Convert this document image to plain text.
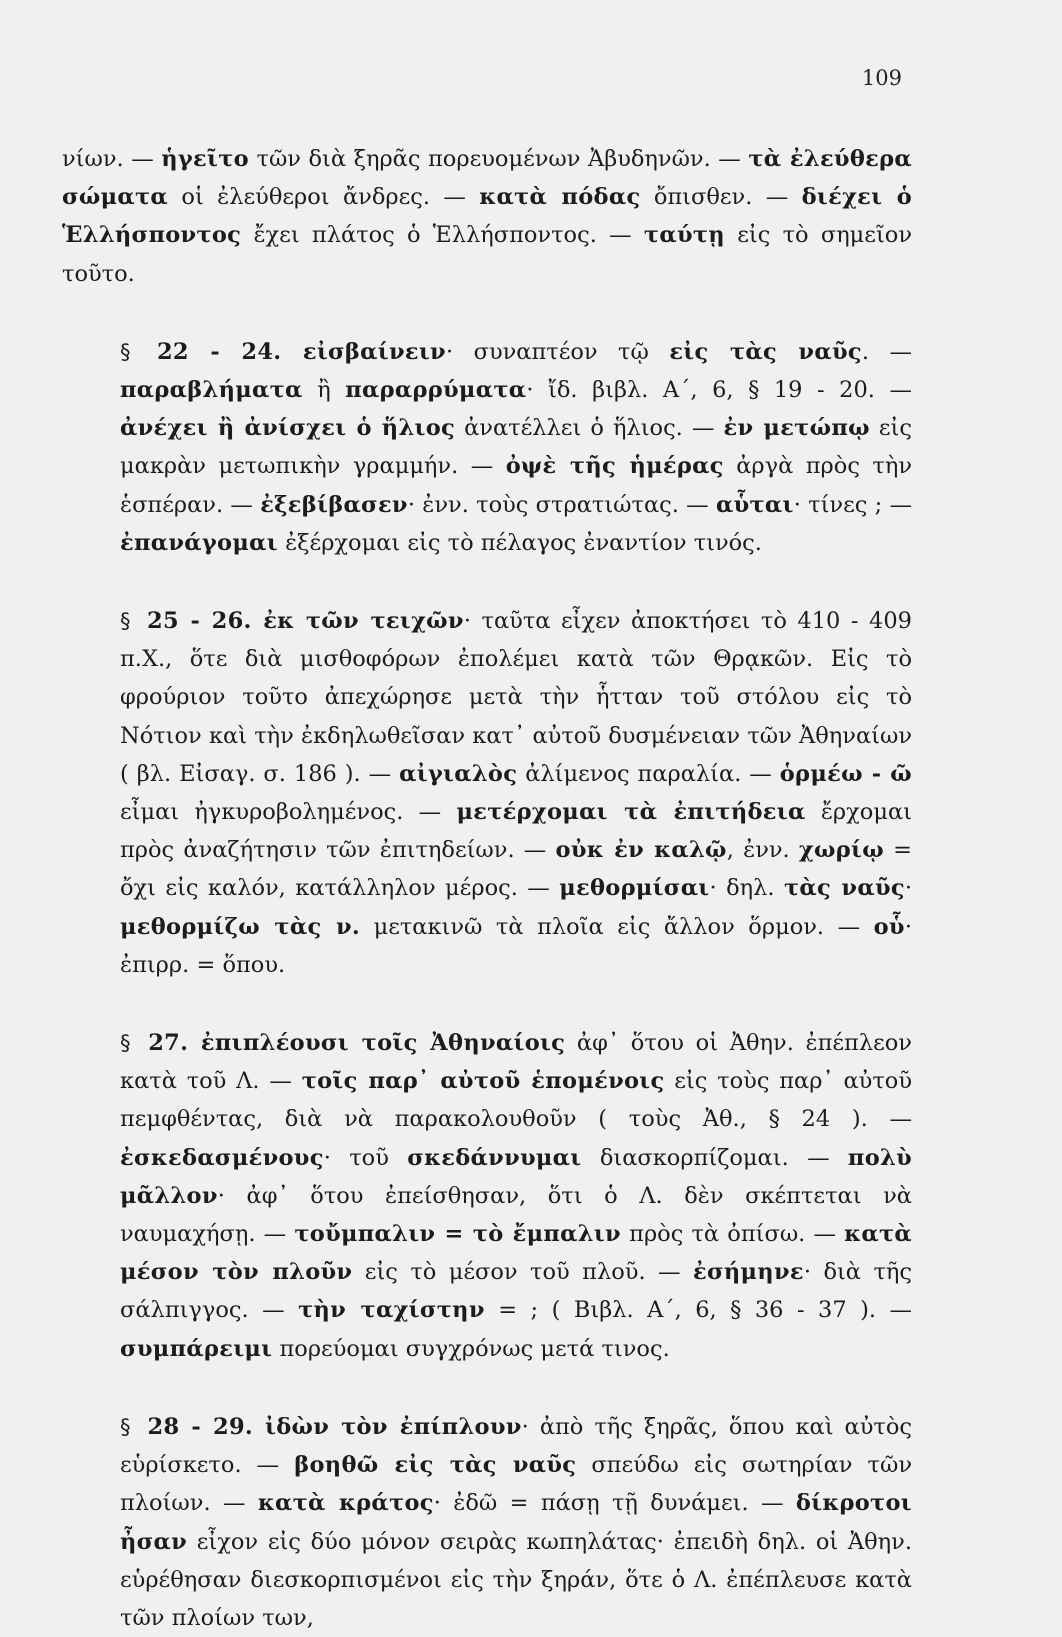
109

νίων. — ἡγεῖτο τῶν διὰ ξηρᾶς πορευομένων Ἀβυδηνῶν. — τὰ ἐλεύθερα σώματα οἱ ἐλεύθεροι ἄνδρες. — κατὰ πόδας ὄπισθεν. — διέχει ὁ Ἑλλήσποντος ἔχει πλάτος ὁ Ἑλλήσποντος. — ταύτῃ εἰς τὸ σημεῖον τοῦτο.

§ 22 - 24. εἰσβαίνειν· συναπτέον τῷ εἰς τὰς ναῦς. — παραβλήματα ἢ παραρρύματα· ἴδ. βιβλ. Α΄, 6, § 19 - 20. — ἀνέχει ἢ ἀνίσχει ὁ ἥλιος ἀνατέλλει ὁ ἥλιος. — ἐν μετώπῳ εἰς μακρὰν μετωπικὴν γραμμήν. — ὀψὲ τῆς ἡμέρας ἀργὰ πρὸς τὴν ἑσπέραν. — ἐξεβίβασεν· ἐνν. τοὺς στρατιώτας. — αὗται· τίνες ; — ἐπανάγομαι ἐξέρχομαι εἰς τὸ πέλαγος ἐναντίον τινός.

§ 25 - 26. ἐκ τῶν τειχῶν· ταῦτα εἶχεν ἀποκτήσει τὸ 410 - 409 π.Χ., ὅτε διὰ μισθοφόρων ἐπολέμει κατὰ τῶν Θρᾳκῶν. Εἰς τὸ φρούριον τοῦτο ἀπεχώρησε μετὰ τὴν ἧτταν τοῦ στόλου εἰς τὸ Νότιον καὶ τὴν ἐκδηλωθεῖσαν κατ᾽ αὐτοῦ δυσμένειαν τῶν Ἀθηναίων ( βλ. Εἰσαγ. σ. 186 ). — αἰγιαλὸς ἀλίμενος παραλία. — ὁρμέω - ῶ εἶμαι ἠγκυροβολημένος. — μετέρχομαι τὰ ἐπιτήδεια ἔρχομαι πρὸς ἀναζήτησιν τῶν ἐπιτηδείων. — οὐκ ἐν καλῷ, ἐνν. χωρίῳ = ὄχι εἰς καλόν, κατάλληλον μέρος. — μεθορμίσαι· δηλ. τὰς ναῦς· μεθορμίζω τὰς ν. μετακινῶ τὰ πλοῖα εἰς ἄλλον ὅρμον. — οὗ· ἐπιρρ. = ὅπου.

§ 27. ἐπιπλέουσι τοῖς Ἀθηναίοις ἀφ᾽ ὅτου οἱ Ἀθην. ἐπέπλεον κατὰ τοῦ Λ. — τοῖς παρ᾽ αὐτοῦ ἑπομένοις εἰς τοὺς παρ᾽ αὐτοῦ πεμφθέντας, διὰ νὰ παρακολουθοῦν ( τοὺς Ἀθ., § 24 ). — ἐσκεδασμένους· τοῦ σκεδάννυμαι διασκορπίζομαι. — πολὺ μᾶλλον· ἀφ᾽ ὅτου ἐπείσθησαν, ὅτι ὁ Λ. δὲν σκέπτεται νὰ ναυμαχήσῃ. — τοὔμπαλιν = τὸ ἔμπαλιν πρὸς τὰ ὀπίσω. — κατὰ μέσον τὸν πλοῦν εἰς τὸ μέσον τοῦ πλοῦ. — ἐσήμηνε· διὰ τῆς σάλπιγγος. — τὴν ταχίστην = ; ( Βιβλ. Α΄, 6, § 36 - 37 ). — συμπάρειμι πορεύομαι συγχρόνως μετά τινος.

§ 28 - 29. ἰδὼν τὸν ἐπίπλουν· ἀπὸ τῆς ξηρᾶς, ὅπου καὶ αὐτὸς εὑρίσκετο. — βοηθῶ εἰς τὰς ναῦς σπεύδω εἰς σωτηρίαν τῶν πλοίων. — κατὰ κράτος· ἐδῶ = πάσῃ τῇ δυνάμει. — δίκροτοι ἦσαν εἶχον εἰς δύο μόνον σειρὰς κωπηλάτας· ἐπειδὴ δηλ. οἱ Ἀθην. εὑρέθησαν διεσκορπισμένοι εἰς τὴν ξηράν, ὅτε ὁ Λ. ἐπέπλευσε κατὰ τῶν πλοίων των,
